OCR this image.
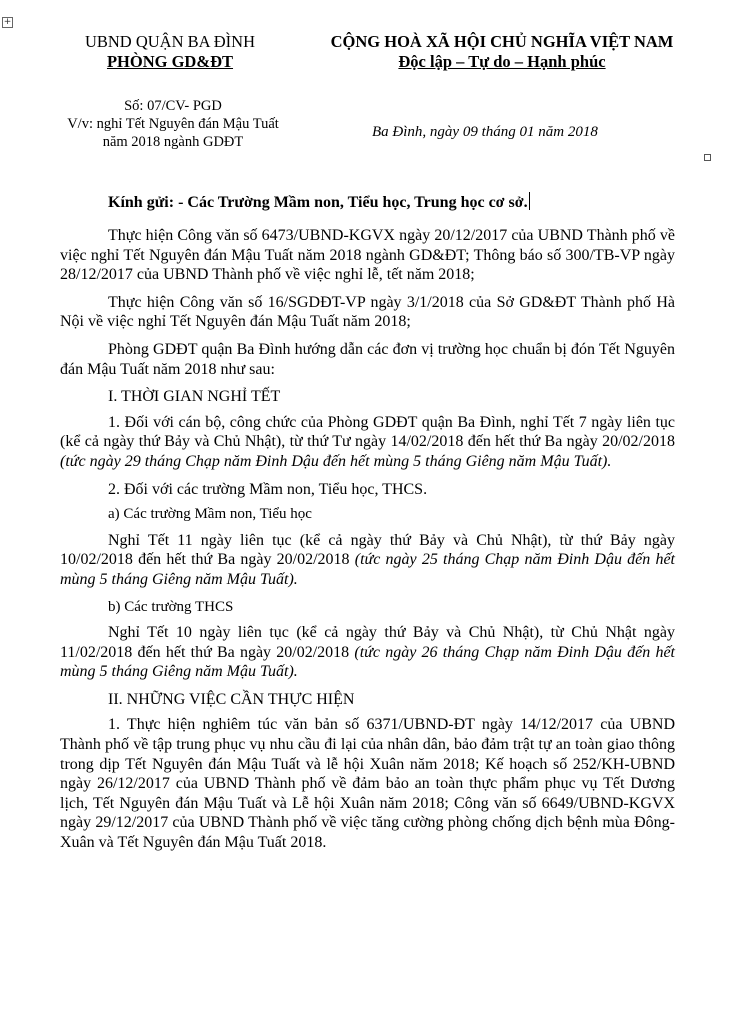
+
UBND QUẬN BA ĐÌNH
PHÒNG GD&ĐT
CỘNG HOÀ XÃ HỘI CHỦ NGHĨA VIỆT NAM
Độc lập – Tự do – Hạnh phúc
Số: 07/CV- PGD
V/v: nghỉ Tết Nguyên đán Mậu Tuất
năm 2018 ngành GDĐT
Ba Đình, ngày 09 tháng 01 năm 2018
Kính gửi: - Các Trường Mầm non, Tiểu học, Trung học cơ sở.

Thực hiện Công văn số 6473/UBND-KGVX ngày 20/12/2017 của UBND Thành phố về việc nghỉ Tết Nguyên đán Mậu Tuất năm 2018 ngành GD&ĐT; Thông báo số 300/TB-VP ngày 28/12/2017 của UBND Thành phố về việc nghỉ lễ, tết năm 2018;

Thực hiện Công văn số 16/SGDĐT-VP ngày 3/1/2018 của Sở GD&ĐT Thành phố Hà Nội về việc nghỉ Tết Nguyên đán Mậu Tuất năm 2018;

Phòng GDĐT quận Ba Đình hướng dẫn các đơn vị trường học chuẩn bị đón Tết Nguyên đán Mậu Tuất năm 2018 như sau:

I. THỜI GIAN NGHỈ TẾT

1. Đối với cán bộ, công chức của Phòng GDĐT quận Ba Đình, nghỉ Tết 7 ngày liên tục (kể cả ngày thứ Bảy và Chủ Nhật), từ thứ Tư ngày 14/02/2018 đến hết thứ Ba ngày 20/02/2018 (tức ngày 29 tháng Chạp năm Đinh Dậu đến hết mùng 5 tháng Giêng năm Mậu Tuất).

2. Đối với các trường Mầm non, Tiểu học, THCS.

a) Các trường Mầm non, Tiểu học

Nghỉ Tết 11 ngày liên tục (kể cả ngày thứ Bảy và Chủ Nhật), từ thứ Bảy ngày 10/02/2018 đến hết thứ Ba ngày 20/02/2018 (tức ngày 25 tháng Chạp năm Đinh Dậu đến hết mùng 5 tháng Giêng năm Mậu Tuất).

b) Các trường THCS

Nghỉ Tết 10 ngày liên tục (kể cả ngày thứ Bảy và Chủ Nhật), từ Chủ Nhật ngày 11/02/2018 đến hết thứ Ba ngày 20/02/2018 (tức ngày 26 tháng Chạp năm Đinh Dậu đến hết mùng 5 tháng Giêng năm Mậu Tuất).

II. NHỮNG VIỆC CẦN THỰC HIỆN

1. Thực hiện nghiêm túc văn bản số 6371/UBND-ĐT ngày 14/12/2017 của UBND Thành phố về tập trung phục vụ nhu cầu đi lại của nhân dân, bảo đảm trật tự an toàn giao thông trong dịp Tết Nguyên đán Mậu Tuất và lễ hội Xuân năm 2018; Kế hoạch số 252/KH-UBND ngày 26/12/2017 của UBND Thành phố về đảm bảo an toàn thực phẩm phục vụ Tết Dương lịch, Tết Nguyên đán Mậu Tuất và Lễ hội Xuân năm 2018; Công văn số 6649/UBND-KGVX ngày 29/12/2017 của UBND Thành phố về việc tăng cường phòng chống dịch bệnh mùa Đông-Xuân và Tết Nguyên đán Mậu Tuất 2018.
